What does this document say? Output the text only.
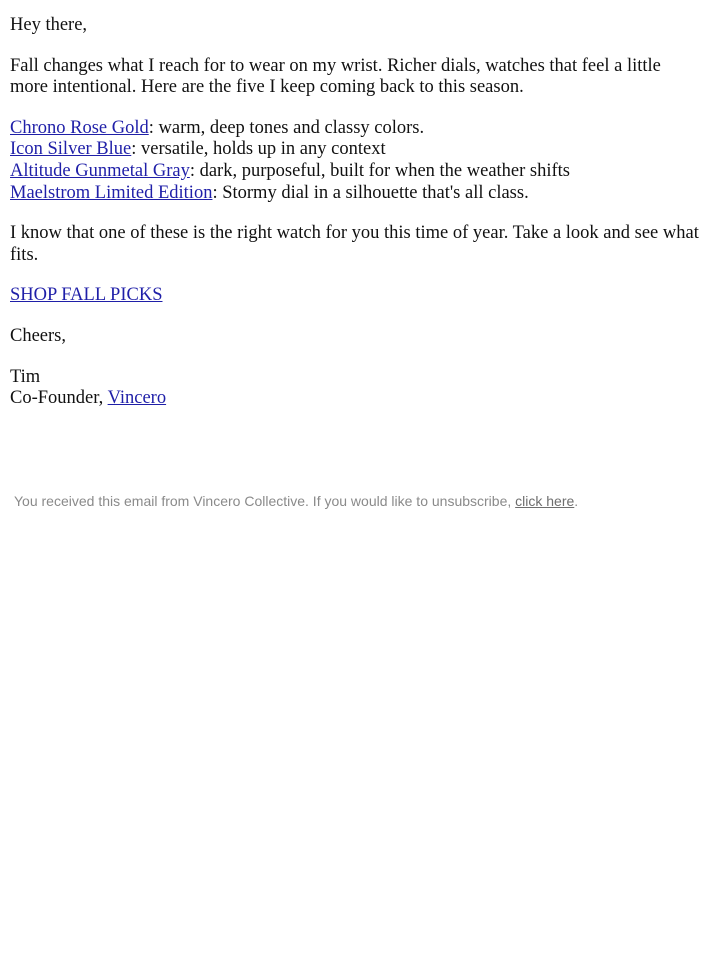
Hey there,

Fall changes what I reach for to wear on my wrist. Richer dials, watches that feel a little more intentional. Here are the five I keep coming back to this season.

Chrono Rose Gold: warm, deep tones and classy colors.
Icon Silver Blue: versatile, holds up in any context
Altitude Gunmetal Gray: dark, purposeful, built for when the weather shifts
Maelstrom Limited Edition: Stormy dial in a silhouette that's all class.

I know that one of these is the right watch for you this time of year. Take a look and see what fits.

SHOP FALL PICKS

Cheers,

Tim
Co-Founder, Vincero

You received this email from Vincero Collective. If you would like to unsubscribe, click here.
